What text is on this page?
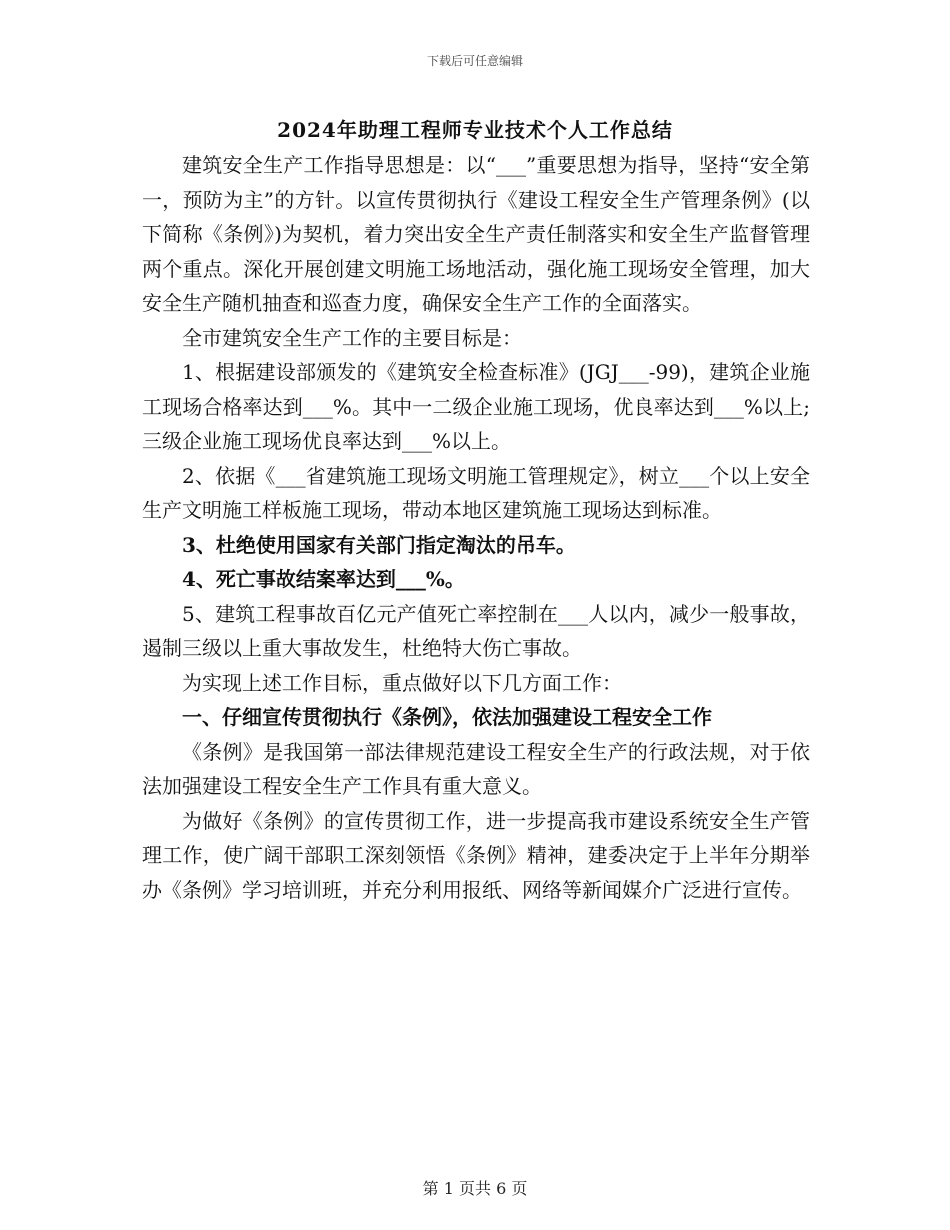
下载后可任意编辑
2024年助理工程师专业技术个人工作总结

建筑安全生产工作指导思想是：以“___”重要思想为指导，坚持“安全第一，预防为主”的方针。以宣传贯彻执行《建设工程安全生产管理条例》(以下简称《条例》)为契机，着力突出安全生产责任制落实和安全生产监督管理两个重点。深化开展创建文明施工场地活动，强化施工现场安全管理，加大安全生产随机抽查和巡查力度，确保安全生产工作的全面落实。

全市建筑安全生产工作的主要目标是：

1、根据建设部颁发的《建筑安全检查标准》(JGJ___-99)，建筑企业施工现场合格率达到___%。其中一二级企业施工现场，优良率达到___%以上;三级企业施工现场优良率达到___%以上。

2、依据《___省建筑施工现场文明施工管理规定》，树立___个以上安全生产文明施工样板施工现场，带动本地区建筑施工现场达到标准。

3、杜绝使用国家有关部门指定淘汰的吊车。

4、死亡事故结案率达到___%。

5、建筑工程事故百亿元产值死亡率控制在___人以内，减少一般事故，遏制三级以上重大事故发生，杜绝特大伤亡事故。

为实现上述工作目标，重点做好以下几方面工作：

一、仔细宣传贯彻执行《条例》，依法加强建设工程安全工作

《条例》是我国第一部法律规范建设工程安全生产的行政法规，对于依法加强建设工程安全生产工作具有重大意义。

为做好《条例》的宣传贯彻工作，进一步提高我市建设系统安全生产管理工作，使广阔干部职工深刻领悟《条例》精神，建委决定于上半年分期举办《条例》学习培训班，并充分利用报纸、网络等新闻媒介广泛进行宣传。

第 1 页共 6 页
